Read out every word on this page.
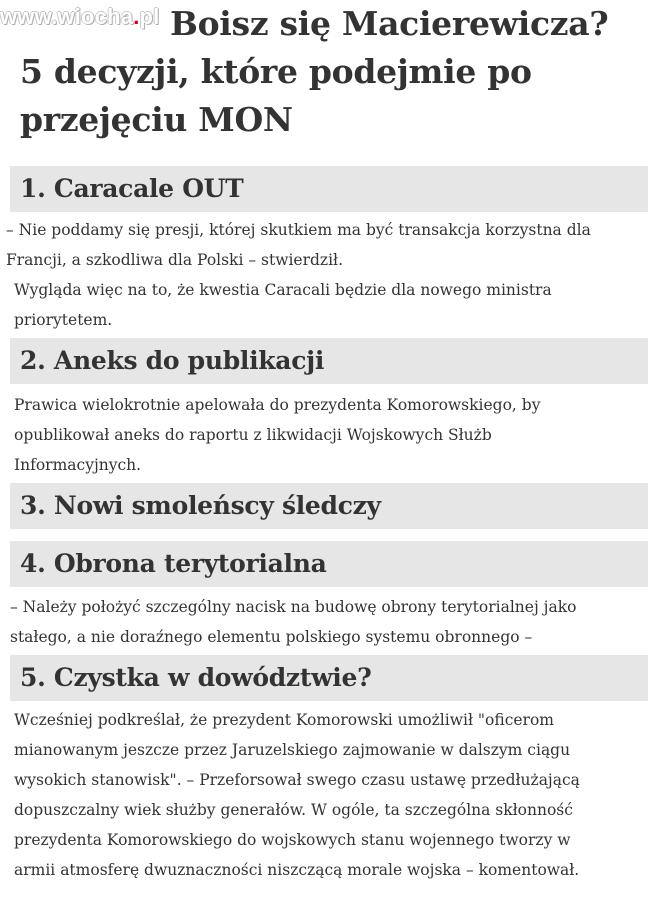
www.wiocha.pl Boisz się Macierewicza?
5 decyzji, które podejmie po
przejęciu MON
1. Caracale OUT

– Nie poddamy się presji, której skutkiem ma być transakcja korzystna dla
Francji, a szkodliwa dla Polski – stwierdził.

Wygląda więc na to, że kwestia Caracali będzie dla nowego ministra
priorytetem.

2. Aneks do publikacji

Prawica wielokrotnie apelowała do prezydenta Komorowskiego, by
opublikował aneks do raportu z likwidacji Wojskowych Służb
Informacyjnych.

3. Nowi smoleńscy śledczy
4. Obrona terytorialna

– Należy położyć szczególny nacisk na budowę obrony terytorialnej jako
stałego, a nie doraźnego elementu polskiego systemu obronnego –

5. Czystka w dowództwie?

Wcześniej podkreślał, że prezydent Komorowski umożliwił "oficerom
mianowanym jeszcze przez Jaruzelskiego zajmowanie w dalszym ciągu
wysokich stanowisk". – Przeforsował swego czasu ustawę przedłużającą
dopuszczalny wiek służby generałów. W ogóle, ta szczególna skłonność
prezydenta Komorowskiego do wojskowych stanu wojennego tworzy w
armii atmosferę dwuznaczności niszczącą morale wojska – komentował.
